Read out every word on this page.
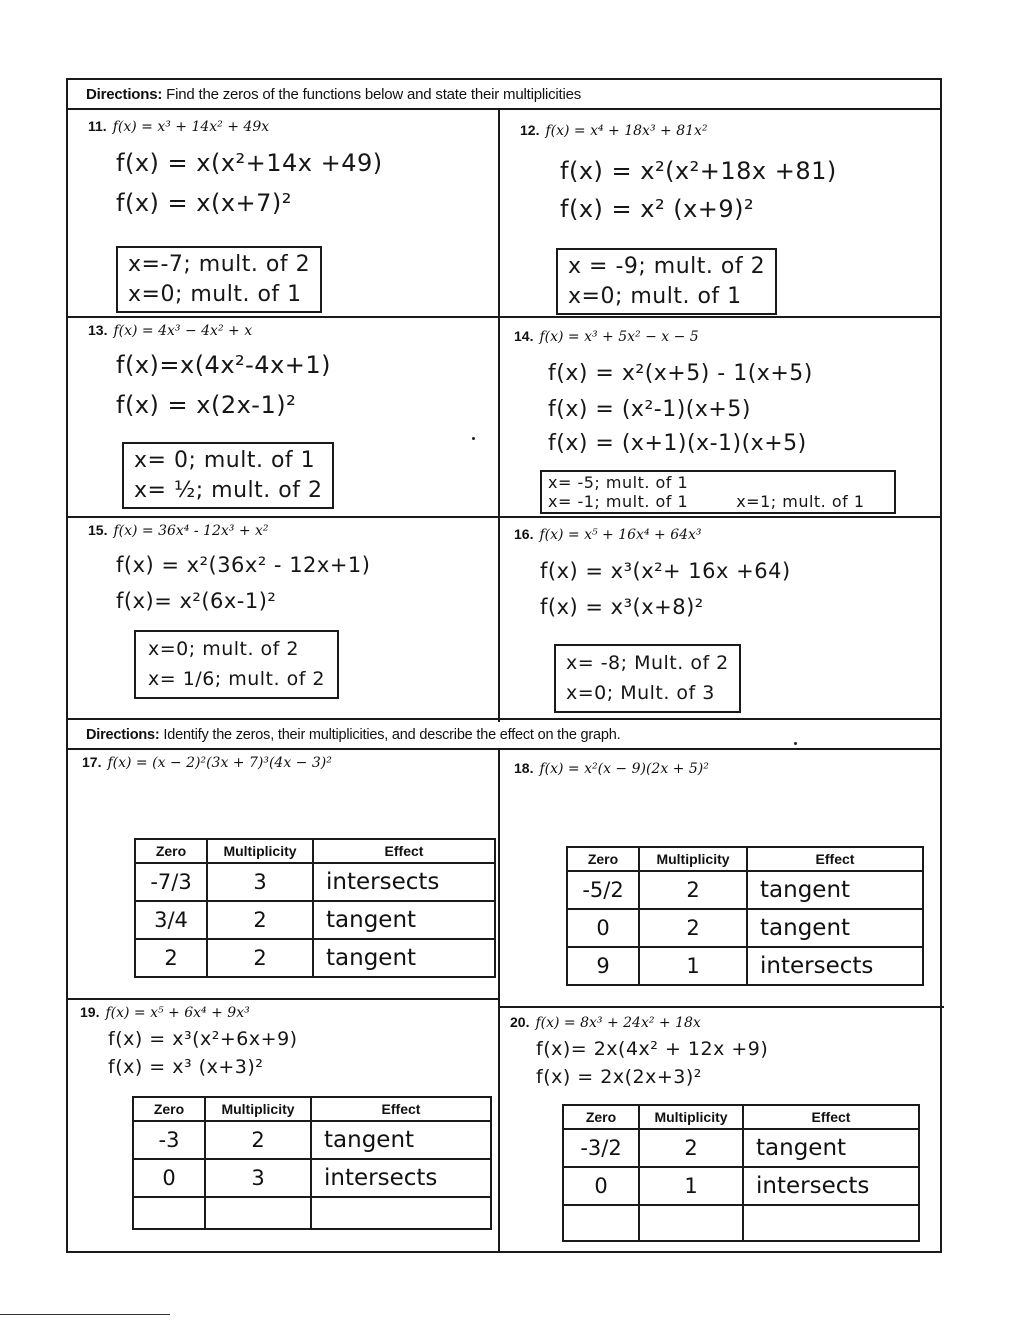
Directions: Find the zeros of the functions below and state their multiplicities
11. f(x) = x³ + 14x² + 49x
f(x) = x(x²+14x +49)
f(x) = x(x+7)²
x=-7; mult. of 2
x=0; mult. of 1
12. f(x) = x⁴ + 18x³ + 81x²
f(x) = x²(x²+18x +81)
f(x) = x² (x+9)²
x = -9; mult. of 2
x=0; mult. of 1
13. f(x) = 4x³ − 4x² + x
f(x)=x(4x²-4x+1)
f(x) = x(2x-1)²
x= 0; mult. of 1
x= ½; mult. of 2
14. f(x) = x³ + 5x² − x − 5
f(x) = x²(x+5) - 1(x+5)
f(x) = (x²-1)(x+5)
f(x) = (x+1)(x-1)(x+5)
x= -5; mult. of 1
x= -1; mult. of 1	x=1; mult. of 1
15. f(x) = 36x⁴ - 12x³ + x²
f(x) = x²(36x² - 12x+1)
f(x)= x²(6x-1)²
x=0; mult. of 2
x= 1/6; mult. of 2
16. f(x) = x⁵ + 16x⁴ + 64x³
f(x) = x³(x²+ 16x +64)
f(x) = x³(x+8)²
x= -8; Mult. of 2
x=0; Mult. of 3
Directions: Identify the zeros, their multiplicities, and describe the effect on the graph.
17. f(x) = (x − 2)²(3x + 7)³(4x − 3)²
Zero	Multiplicity	Effect
-7/3	3	intersects
3/4	2	tangent
2	2	tangent
18. f(x) = x²(x − 9)(2x + 5)²
Zero	Multiplicity	Effect
-5/2	2	tangent
0	2	tangent
9	1	intersects
19. f(x) = x⁵ + 6x⁴ + 9x³
f(x) = x³(x²+6x+9)
f(x) = x³ (x+3)²
Zero	Multiplicity	Effect
-3	2	tangent
0	3	intersects

20. f(x) = 8x³ + 24x² + 18x
f(x)= 2x(4x² + 12x +9)
f(x) = 2x(2x+3)²
Zero	Multiplicity	Effect
-3/2	2	tangent
0	1	intersects
